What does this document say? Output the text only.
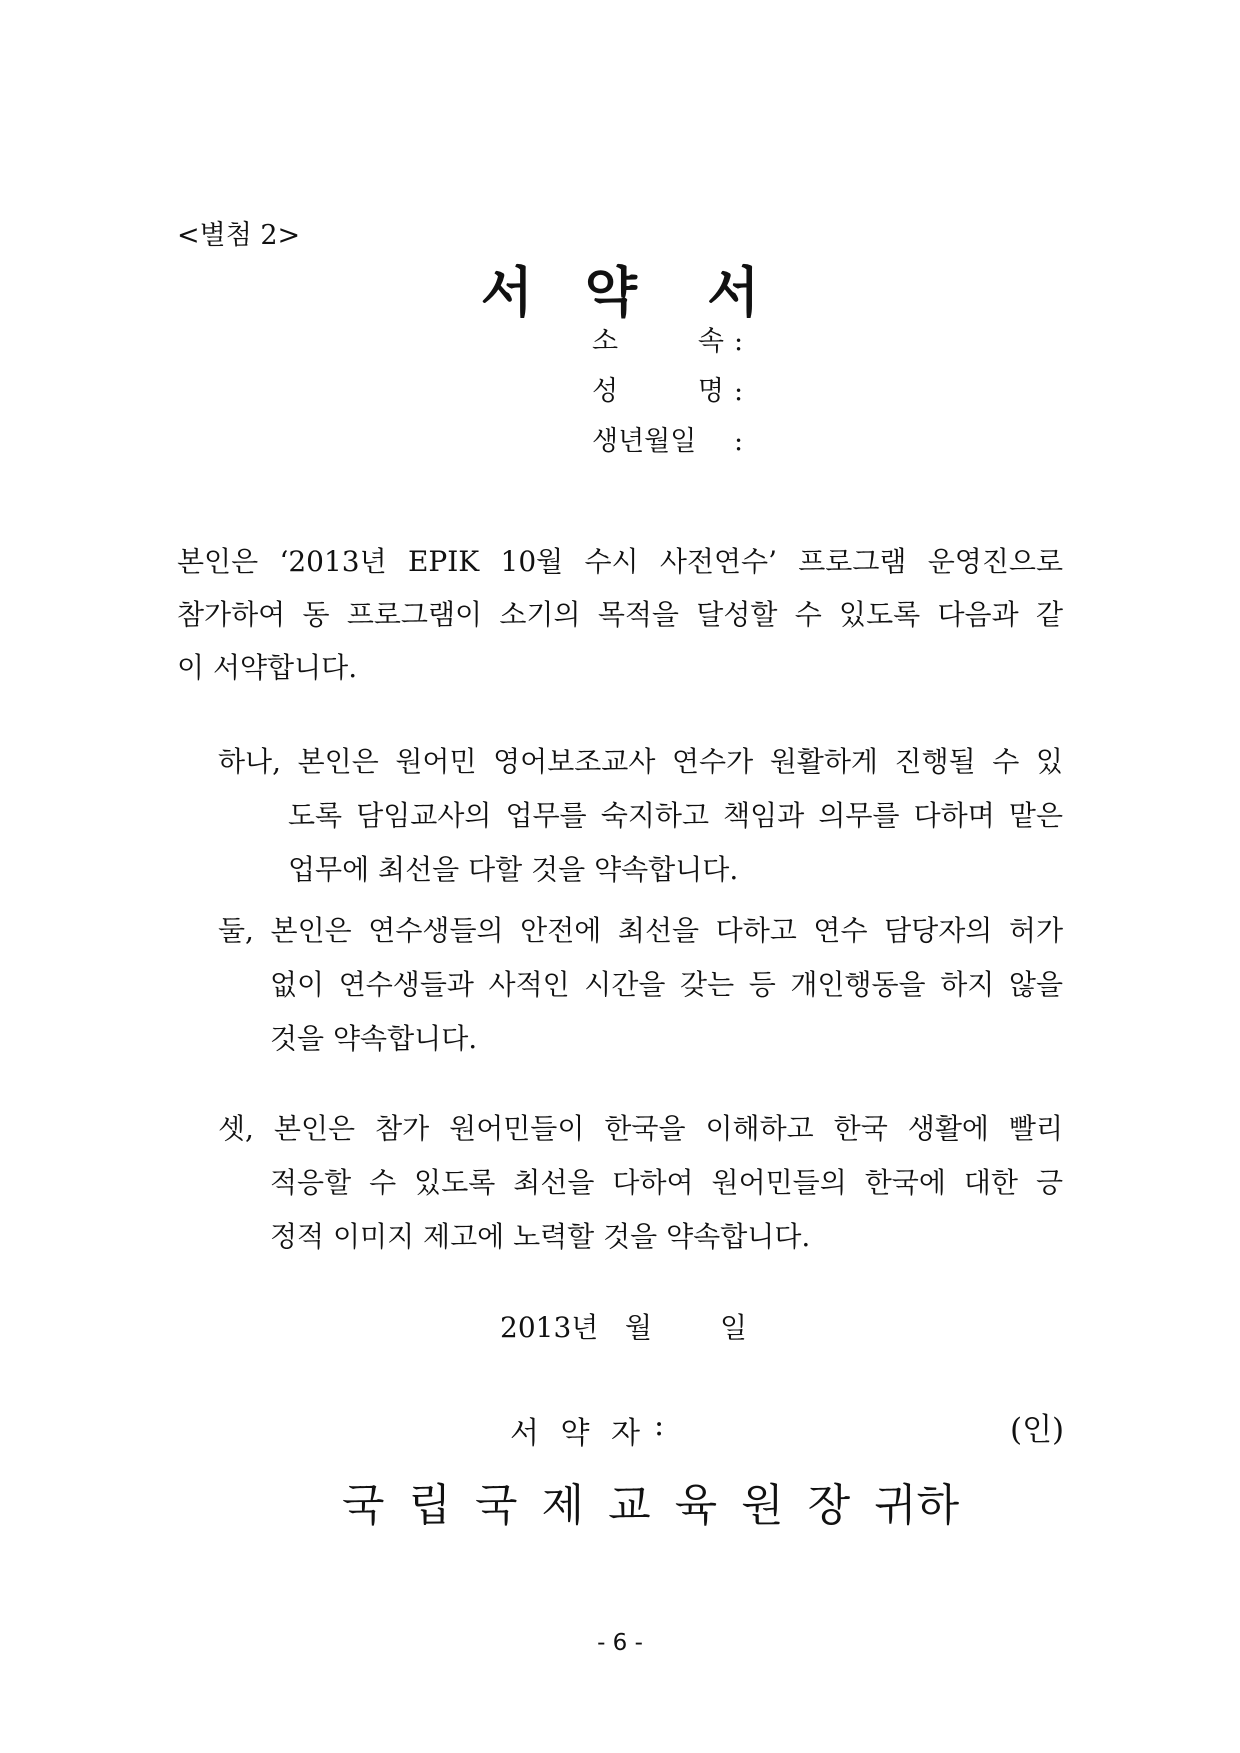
<별첨 2>
서 약 서
소	속 :
성	명 :
생년월일 :
본인은 ‘2013년 EPIK 10월 수시 사전연수’ 프로그램 운영진으로
참가하여 동 프로그램이 소기의 목적을 달성할 수 있도록 다음과 같
이 서약합니다.
하나, 본인은 원어민 영어보조교사 연수가 원활하게 진행될 수 있
도록 담임교사의 업무를 숙지하고 책임과 의무를 다하며 맡은
업무에 최선을 다할 것을 약속합니다.
둘, 본인은 연수생들의 안전에 최선을 다하고 연수 담당자의 허가
없이 연수생들과 사적인 시간을 갖는 등 개인행동을 하지 않을
것을 약속합니다.
셋, 본인은 참가 원어민들이 한국을 이해하고 한국 생활에 빨리
적응할 수 있도록 최선을 다하여 원어민들의 한국에 대한 긍
정적 이미지 제고에 노력할 것을 약속합니다.
2013년 월	일
서 약 자 :	(인)
국 립 국 제 교 육 원 장 귀하
- 6 -
